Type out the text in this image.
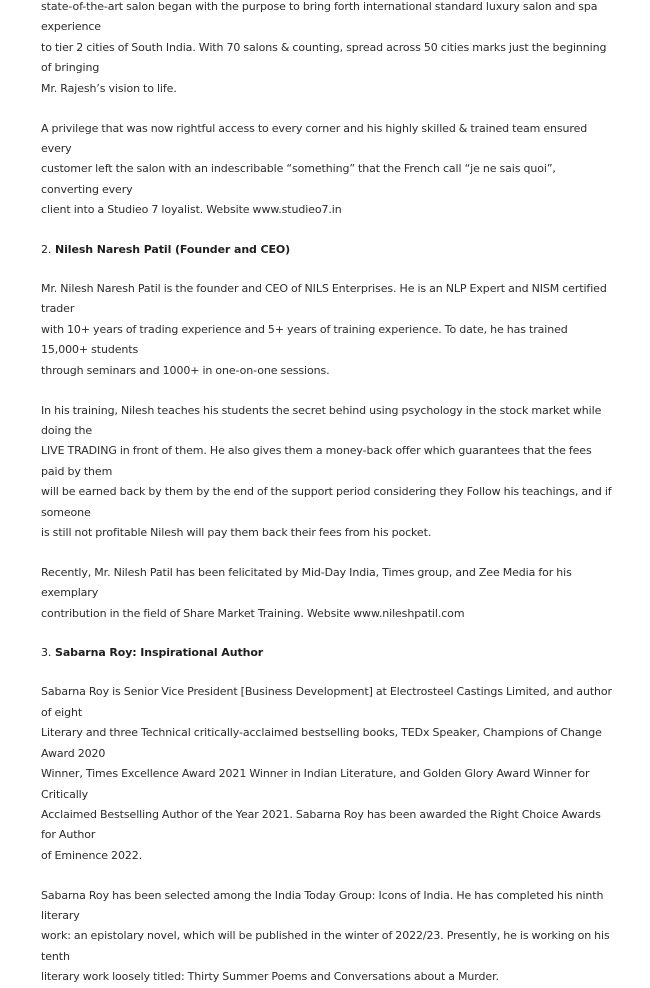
state-of-the-art salon began with the purpose to bring forth international standard luxury salon and spa experience
to tier 2 cities of South India. With 70 salons & counting, spread across 50 cities marks just the beginning of bringing
Mr. Rajesh’s vision to life.

A privilege that was now rightful access to every corner and his highly skilled & trained team ensured every
customer left the salon with an indescribable “something” that the French call “je ne sais quoi”, converting every
client into a Studieo 7 loyalist. Website www.studieo7.in

2. Nilesh Naresh Patil (Founder and CEO)

Mr. Nilesh Naresh Patil is the founder and CEO of NILS Enterprises. He is an NLP Expert and NISM certified trader
with 10+ years of trading experience and 5+ years of training experience. To date, he has trained 15,000+ students
through seminars and 1000+ in one-on-one sessions.

In his training, Nilesh teaches his students the secret behind using psychology in the stock market while doing the
LIVE TRADING in front of them. He also gives them a money-back offer which guarantees that the fees paid by them
will be earned back by them by the end of the support period considering they Follow his teachings, and if someone
is still not profitable Nilesh will pay them back their fees from his pocket.

Recently, Mr. Nilesh Patil has been felicitated by Mid-Day India, Times group, and Zee Media for his exemplary
contribution in the field of Share Market Training. Website www.nileshpatil.com

3. Sabarna Roy: Inspirational Author

Sabarna Roy is Senior Vice President [Business Development] at Electrosteel Castings Limited, and author of eight
Literary and three Technical critically-acclaimed bestselling books, TEDx Speaker, Champions of Change Award 2020
Winner, Times Excellence Award 2021 Winner in Indian Literature, and Golden Glory Award Winner for Critically
Acclaimed Bestselling Author of the Year 2021. Sabarna Roy has been awarded the Right Choice Awards for Author
of Eminence 2022.

Sabarna Roy has been selected among the India Today Group: Icons of India. He has completed his ninth literary
work: an epistolary novel, which will be published in the winter of 2022/23. Presently, he is working on his tenth
literary work loosely titled: Thirty Summer Poems and Conversations about a Murder.
